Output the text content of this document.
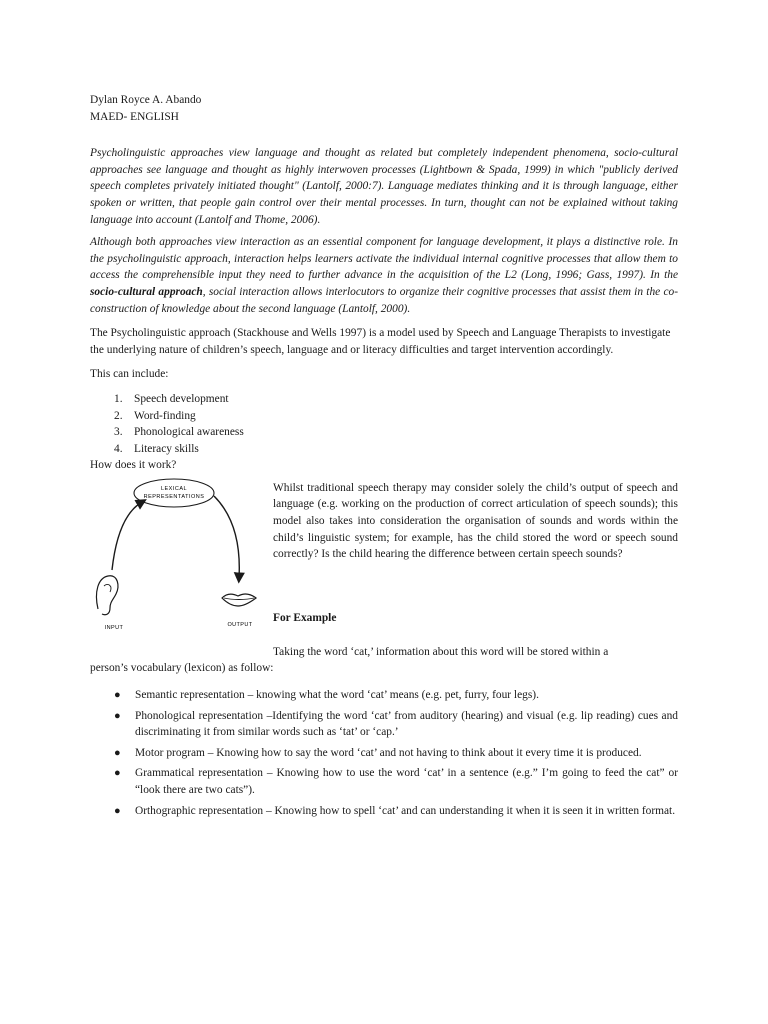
Dylan Royce A. Abando

MAED- ENGLISH

Psycholinguistic approaches view language and thought as related but completely independent phenomena, socio-cultural approaches see language and thought as highly interwoven processes (Lightbown & Spada, 1999) in which "publicly derived speech completes privately initiated thought" (Lantolf, 2000:7). Language mediates thinking and it is through language, either spoken or written, that people gain control over their mental processes. In turn, thought can not be explained without taking language into account (Lantolf and Thome, 2006).

Although both approaches view interaction as an essential component for language development, it plays a distinctive role. In the psycholinguistic approach, interaction helps learners activate the individual internal cognitive processes that allow them to access the comprehensible input they need to further advance in the acquisition of the L2 (Long, 1996; Gass, 1997). In the socio-cultural approach, social interaction allows interlocutors to organize their cognitive processes that assist them in the co-construction of knowledge about the second language (Lantolf, 2000).

The Psycholinguistic approach (Stackhouse and Wells 1997) is a model used by Speech and Language Therapists to investigate the underlying nature of children’s speech, language and or literacy difficulties and target intervention accordingly.

This can include:

1. Speech development
2. Word-finding
3. Phonological awareness
4. Literacy skills

How does it work?

LEXICAL
REPRESENTATIONS
INPUT	OUTPUT

Whilst traditional speech therapy may consider solely the child’s output of speech and language (e.g. working on the production of correct articulation of speech sounds); this model also takes into consideration the organisation of sounds and words within the child’s linguistic system; for example, has the child stored the word or speech sound correctly? Is the child hearing the difference between certain speech sounds?

For Example

Taking the word ‘cat,’ information about this word will be stored within a

person’s vocabulary (lexicon) as follow:

● Semantic representation – knowing what the word ‘cat’ means (e.g. pet, furry, four legs).
● Phonological representation –Identifying the word ‘cat’ from auditory (hearing) and visual (e.g. lip reading) cues and discriminating it from similar words such as ‘tat’ or ‘cap.’
● Motor program – Knowing how to say the word ‘cat’ and not having to think about it every time it is produced.
● Grammatical representation – Knowing how to use the word ‘cat’ in a sentence (e.g.” I’m going to feed the cat” or “look there are two cats”).
● Orthographic representation – Knowing how to spell ‘cat’ and can understanding it when it is seen it in written format.
